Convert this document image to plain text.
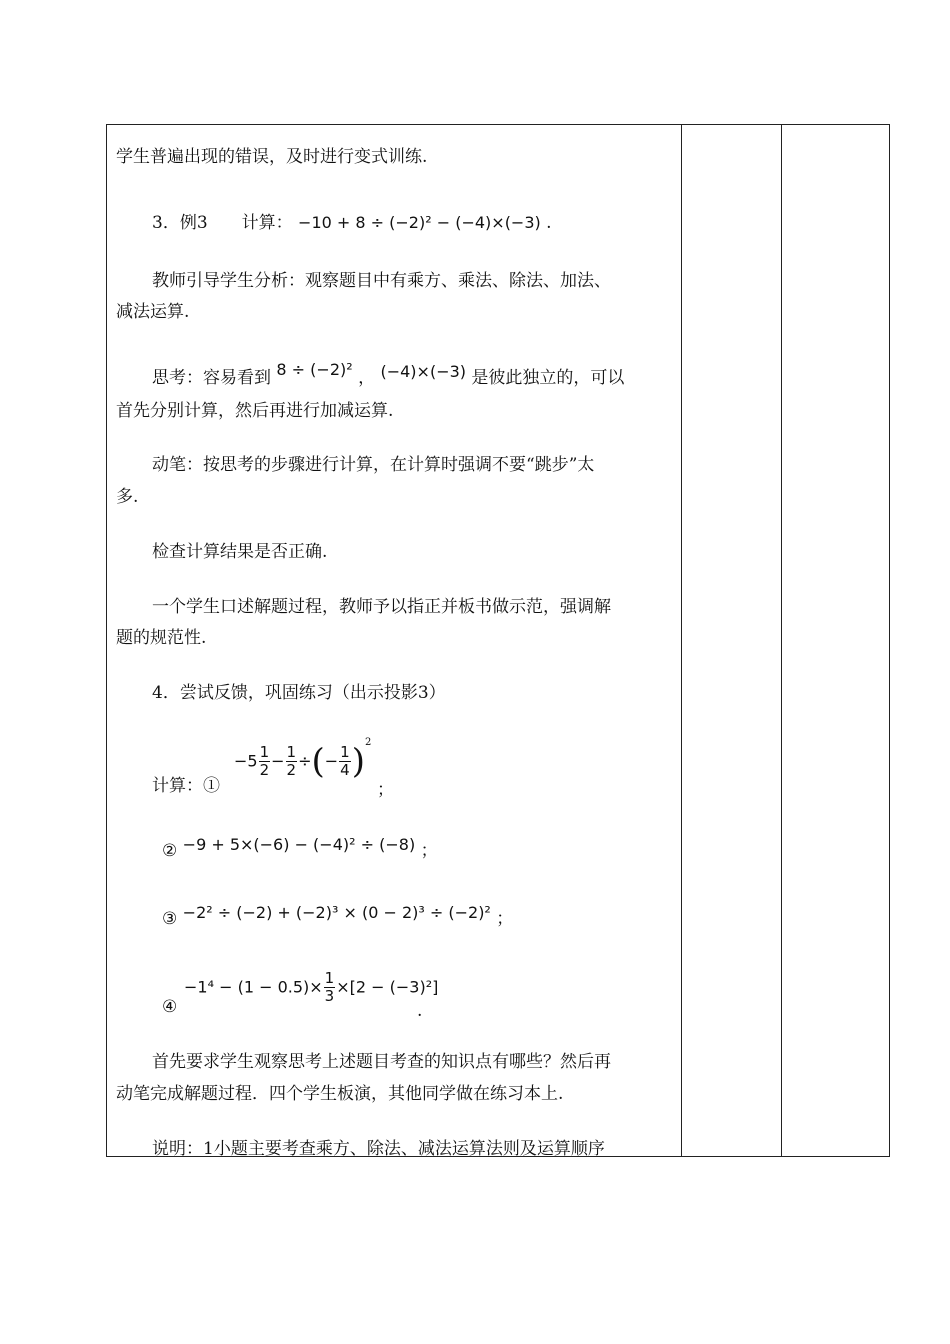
学生普遍出现的错误，及时进行变式训练.
3．例3　　计算： −10 + 8 ÷ (−2)² − (−4)×(−3) .
教师引导学生分析：观察题目中有乘方、乘法、除法、加法、
减法运算.
思考：容易看到 8 ÷ (−2)² ， (−4)×(−3) 是彼此独立的，可以
首先分别计算，然后再进行加减运算.
动笔：按思考的步骤进行计算，在计算时强调不要“跳步”太
多.
检查计算结果是否正确.
一个学生口述解题过程，教师予以指正并板书做示范，强调解
题的规范性.
4．尝试反馈，巩固练习（出示投影3）
计算：①
$-5 \frac{1}{2} - \frac{1}{2}$ ÷(− $\frac{1}{4} )^2$
；
② −9 + 5×(−6) − (−4)² ÷ (−8) ；
③ −2² ÷ (−2) + (−2)³ × (0 − 2)³ ÷ (−2)² ；
④
$-1^4 - (1 - 0.5)\times \frac{1}{3} \times[2 - (-3)^2]$
.
首先要求学生观察思考上述题目考查的知识点有哪些？然后再
动笔完成解题过程．四个学生板演，其他同学做在练习本上.
说明：1小题主要考查乘方、除法、减法运算法则及运算顺序
